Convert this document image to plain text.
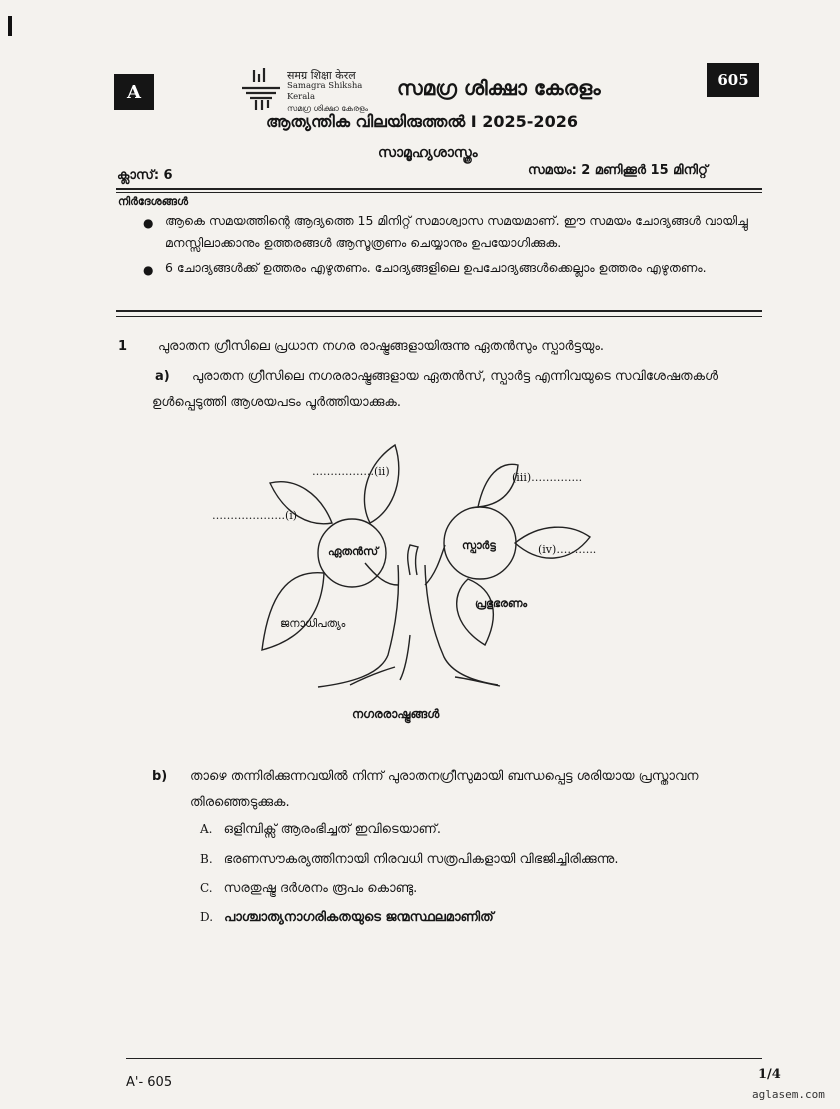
A
605
समग्र शिक्षा केरल
Samagra Shiksha Kerala
സമഗ്ര ശിക്ഷാ കേരളം
സമഗ്ര ശിക്ഷാ കേരളം
ആത്യന്തിക വിലയിരുത്തൽ I 2025-2026
സാമൂഹ്യശാസ്ത്രം
ക്ലാസ്: 6	സമയം: 2 മണിക്കൂർ 15 മിനിറ്റ്
നിർദേശങ്ങൾ
● ആകെ സമയത്തിന്റെ ആദ്യത്തെ 15 മിനിറ്റ് സമാശ്വാസ സമയമാണ്. ഈ സമയം ചോദ്യങ്ങൾ വായിച്ചു മനസ്സിലാക്കാനും ഉത്തരങ്ങൾ ആസൂത്രണം ചെയ്യാനും ഉപയോഗിക്കുക.
● 6 ചോദ്യങ്ങൾക്ക് ഉത്തരം എഴുതണം. ചോദ്യങ്ങളിലെ ഉപചോദ്യങ്ങൾക്കെല്ലാം ഉത്തരം എഴുതണം.
1 പുരാതന ഗ്രീസിലെ പ്രധാന നഗര രാഷ്ട്രങ്ങളായിരുന്നു ഏതൻസും സ്പാർട്ടയും.
a)	പുരാതന ഗ്രീസിലെ നഗരരാഷ്ട്രങ്ങളായ ഏതൻസ്, സ്പാർട്ട എന്നിവയുടെ സവിശേഷതകൾ ഉൾപ്പെടുത്തി ആശയപടം പൂർത്തിയാക്കുക.
ഏതൻസ്	സ്പാർട്ട
ജനാധിപത്യം
പ്രഭുഭരണം
………………..(i)
……………..(ii)	(iii)…………..
(iv)………..
നഗരരാഷ്ട്രങ്ങൾ
b) താഴെ തന്നിരിക്കുന്നവയിൽ നിന്ന് പുരാതനഗ്രീസുമായി ബന്ധപ്പെട്ട ശരിയായ പ്രസ്താവന തിരഞ്ഞെടുക്കുക.
A. ഒളിമ്പിക്സ് ആരംഭിച്ചത് ഇവിടെയാണ്.
B. ഭരണസൗകര്യത്തിനായി നിരവധി സത്രപികളായി വിഭജിച്ചിരിക്കുന്നു.
C. സരതുഷ്ട്ര ദർശനം രൂപം കൊണ്ടു.
D. പാശ്ചാത്യനാഗരികതയുടെ ജന്മസ്ഥലമാണിത്
A'- 605
1/4
aglasem.com
